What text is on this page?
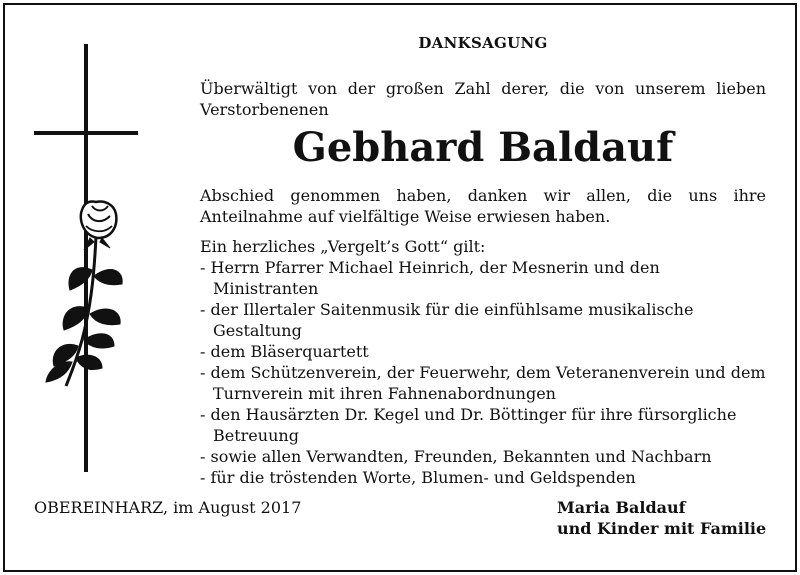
DANKSAGUNG

Überwältigt von der großen Zahl derer, die von unserem lieben Verstorbenenen

Gebhard Baldauf

Abschied genommen haben, danken wir allen, die uns ihre Anteilnahme auf vielfältige Weise erwiesen haben.

Ein herzliches „Vergelt’s Gott“ gilt:

- Herrn Pfarrer Michael Heinrich, der Mesnerin und den Ministranten
- der Illertaler Saitenmusik für die einfühlsame musikalische Gestaltung
- dem Bläserquartett
- dem Schützenverein, der Feuerwehr, dem Veteranenverein und dem Turnverein mit ihren Fahnenabordnungen
- den Hausärzten Dr. Kegel und Dr. Böttinger für ihre fürsorgliche Betreuung
- sowie allen Verwandten, Freunden, Bekannten und Nachbarn
- für die tröstenden Worte, Blumen- und Geldspenden
OBEREINHARZ, im August 2017	Maria Baldauf
und Kinder mit Familie
